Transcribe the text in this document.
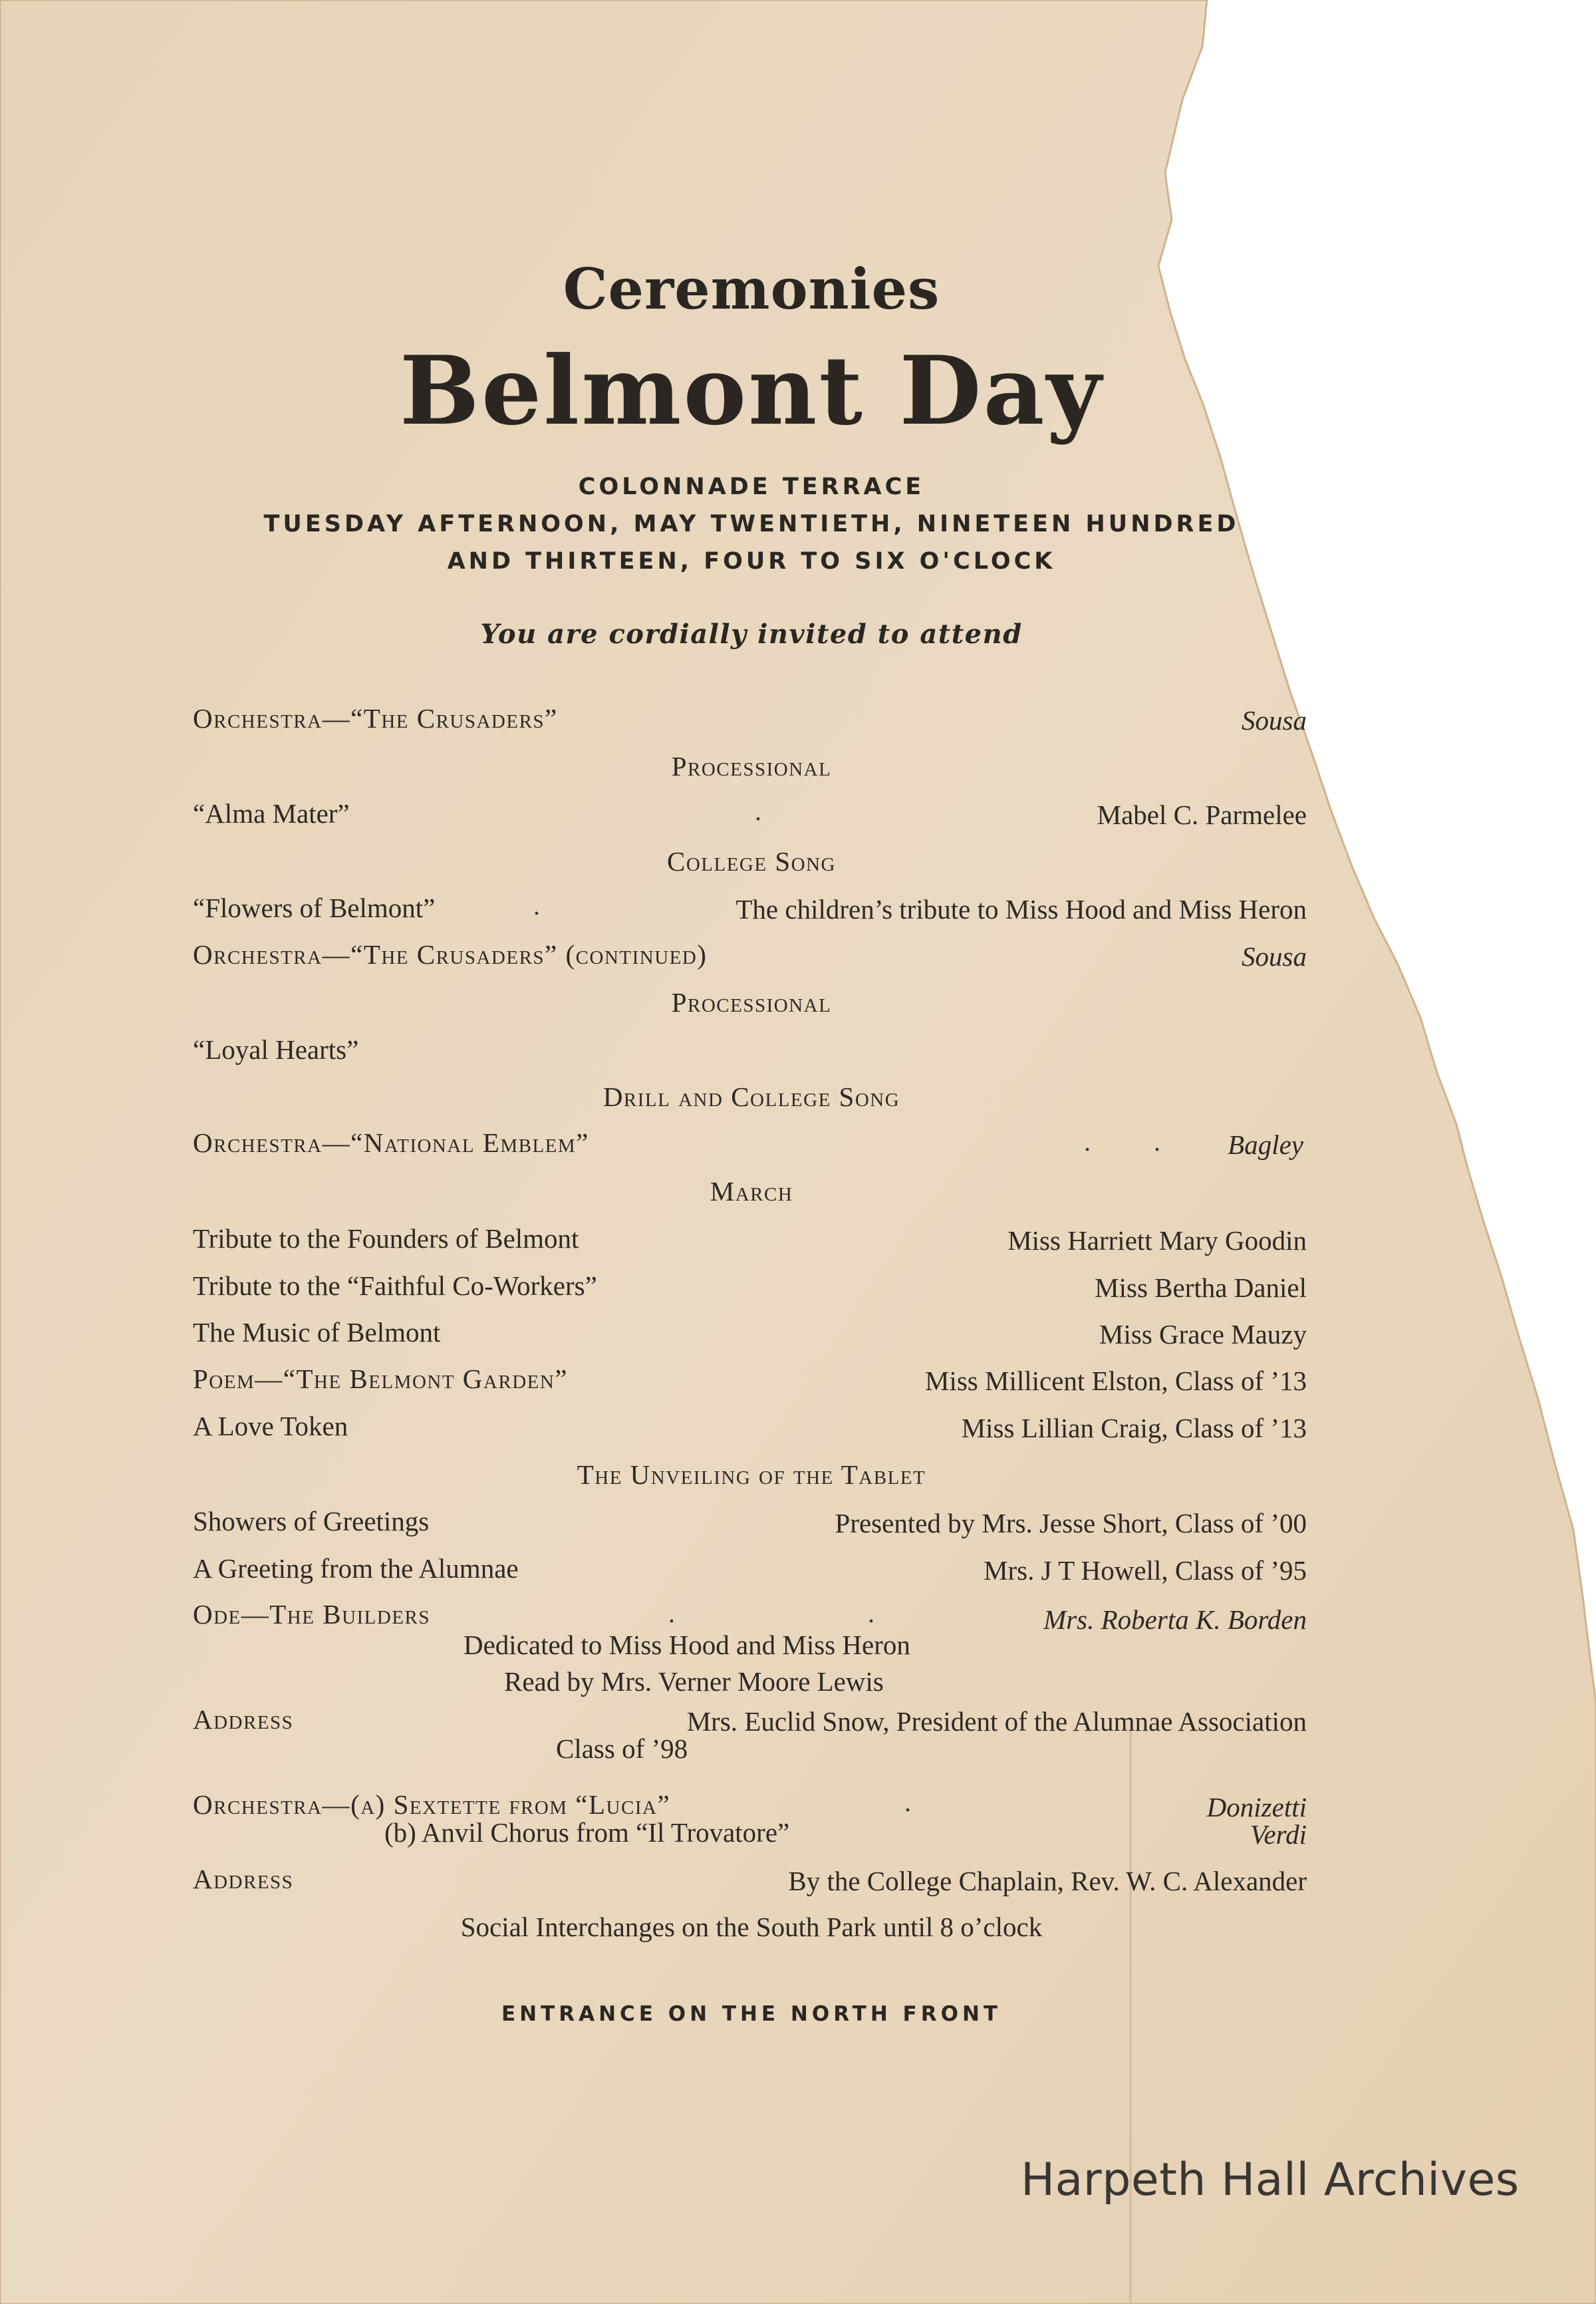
Ceremonies
Belmont Day
COLONNADE TERRACE
TUESDAY AFTERNOON, MAY TWENTIETH, NINETEEN HUNDRED
AND THIRTEEN, FOUR TO SIX O'CLOCK
You are cordially invited to attend
Orchestra—“The Crusaders”	Sousa
Processional
“Alma Mater”	.	Mabel C. Parmelee
College Song
“Flowers of Belmont”	.	The children’s tribute to Miss Hood and Miss Heron
Orchestra—“The Crusaders” (continued)	Sousa
Processional
“Loyal Hearts”
Drill and College Song
Orchestra—“National Emblem”	. .	Bagley
March
Tribute to the Founders of Belmont	Miss Harriett Mary Goodin
Tribute to the “Faithful Co-Workers”	Miss Bertha Daniel
The Music of Belmont	Miss Grace Mauzy
Poem—“The Belmont Garden”	Miss Millicent Elston, Class of ’13
A Love Token	Miss Lillian Craig, Class of ’13
The Unveiling of the Tablet
Showers of Greetings	Presented by Mrs. Jesse Short, Class of ’00
A Greeting from the Alumnae	Mrs. J T Howell, Class of ’95
Ode—The Builders	.	.	Mrs. Roberta K. Borden
Dedicated to Miss Hood and Miss Heron
Read by Mrs. Verner Moore Lewis
Address	Mrs. Euclid Snow, President of the Alumnae Association
Class of ’98
Orchestra—(a) Sextette from “Lucia”	.	Donizetti
(b) Anvil Chorus from “Il Trovatore”	Verdi
Address	By the College Chaplain, Rev. W. C. Alexander
Social Interchanges on the South Park until 8 o’clock
ENTRANCE ON THE NORTH FRONT
Harpeth Hall Archives
